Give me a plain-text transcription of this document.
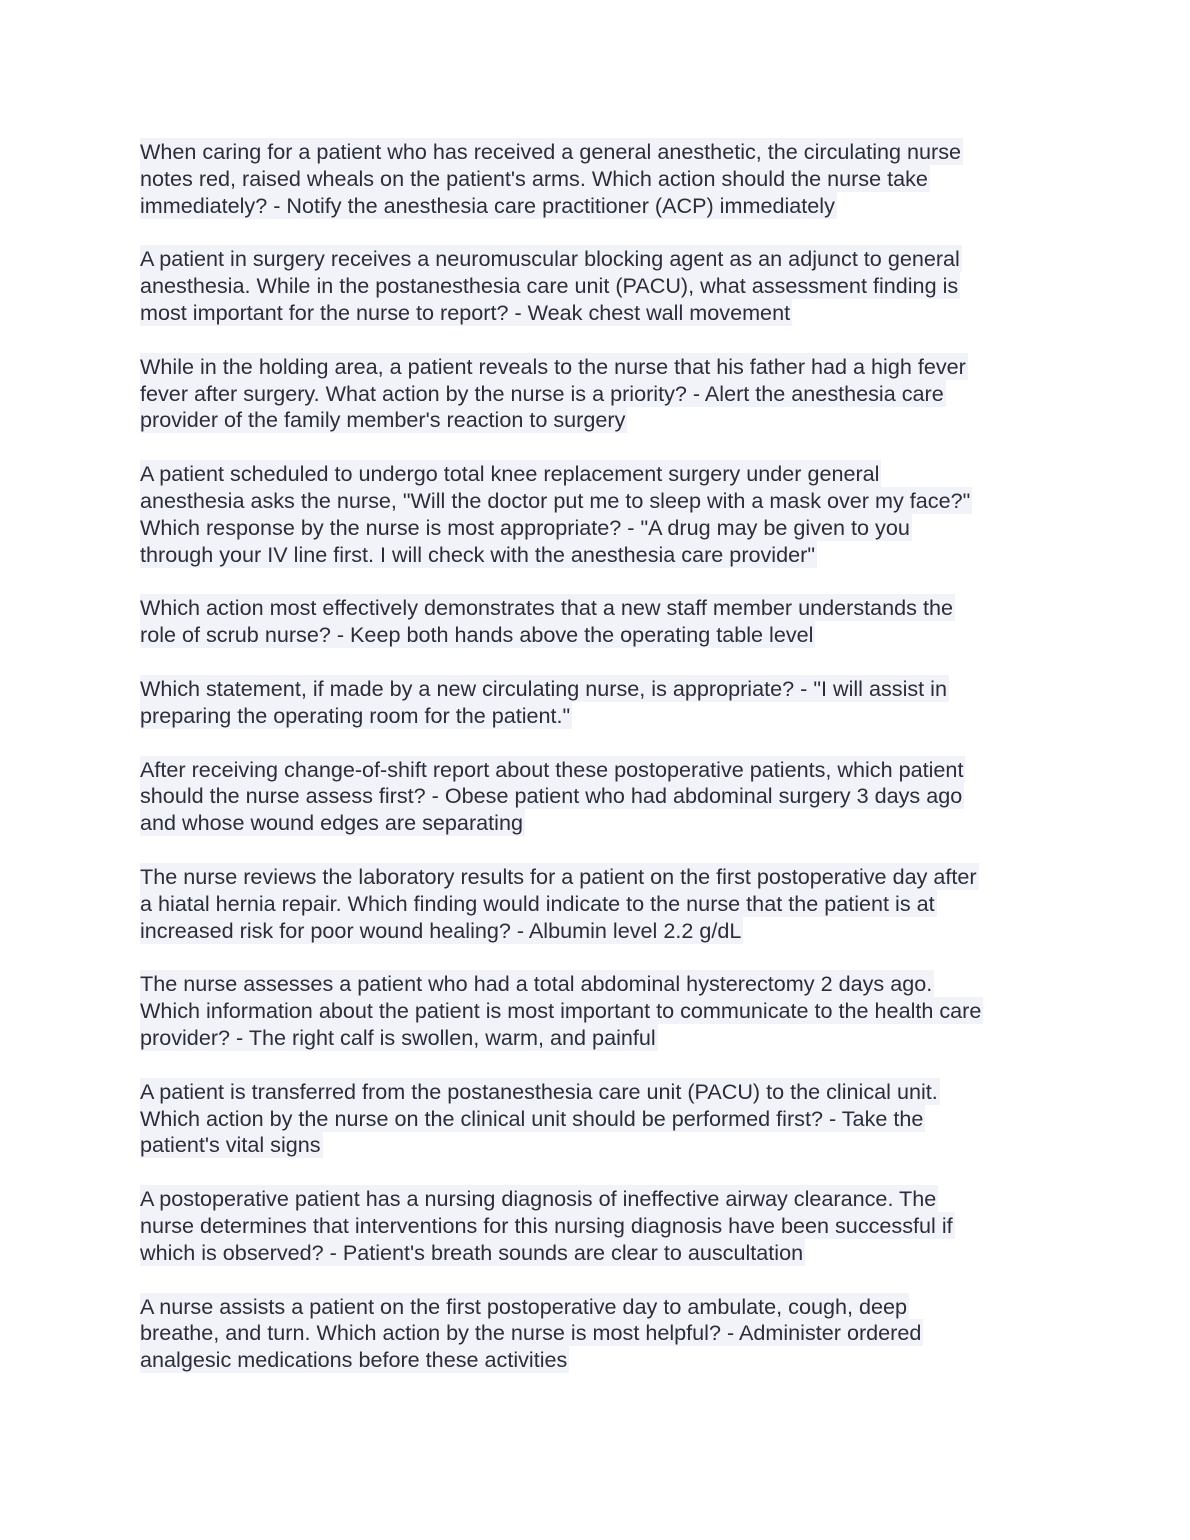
When caring for a patient who has received a general anesthetic, the circulating nurse
notes red, raised wheals on the patient's arms. Which action should the nurse take
immediately? - Notify the anesthesia care practitioner (ACP) immediately
A patient in surgery receives a neuromuscular blocking agent as an adjunct to general
anesthesia. While in the postanesthesia care unit (PACU), what assessment finding is
most important for the nurse to report? - Weak chest wall movement
While in the holding area, a patient reveals to the nurse that his father had a high fever
fever after surgery. What action by the nurse is a priority? - Alert the anesthesia care
provider of the family member's reaction to surgery
A patient scheduled to undergo total knee replacement surgery under general
anesthesia asks the nurse, "Will the doctor put me to sleep with a mask over my face?"
Which response by the nurse is most appropriate? - "A drug may be given to you
through your IV line first. I will check with the anesthesia care provider"
Which action most effectively demonstrates that a new staff member understands the
role of scrub nurse? - Keep both hands above the operating table level
Which statement, if made by a new circulating nurse, is appropriate? - "I will assist in
preparing the operating room for the patient."
After receiving change-of-shift report about these postoperative patients, which patient
should the nurse assess first? - Obese patient who had abdominal surgery 3 days ago
and whose wound edges are separating
The nurse reviews the laboratory results for a patient on the first postoperative day after
a hiatal hernia repair. Which finding would indicate to the nurse that the patient is at
increased risk for poor wound healing? - Albumin level 2.2 g/dL
The nurse assesses a patient who had a total abdominal hysterectomy 2 days ago.
Which information about the patient is most important to communicate to the health care
provider? - The right calf is swollen, warm, and painful
A patient is transferred from the postanesthesia care unit (PACU) to the clinical unit.
Which action by the nurse on the clinical unit should be performed first? - Take the
patient's vital signs
A postoperative patient has a nursing diagnosis of ineffective airway clearance. The
nurse determines that interventions for this nursing diagnosis have been successful if
which is observed? - Patient's breath sounds are clear to auscultation
A nurse assists a patient on the first postoperative day to ambulate, cough, deep
breathe, and turn. Which action by the nurse is most helpful? - Administer ordered
analgesic medications before these activities
